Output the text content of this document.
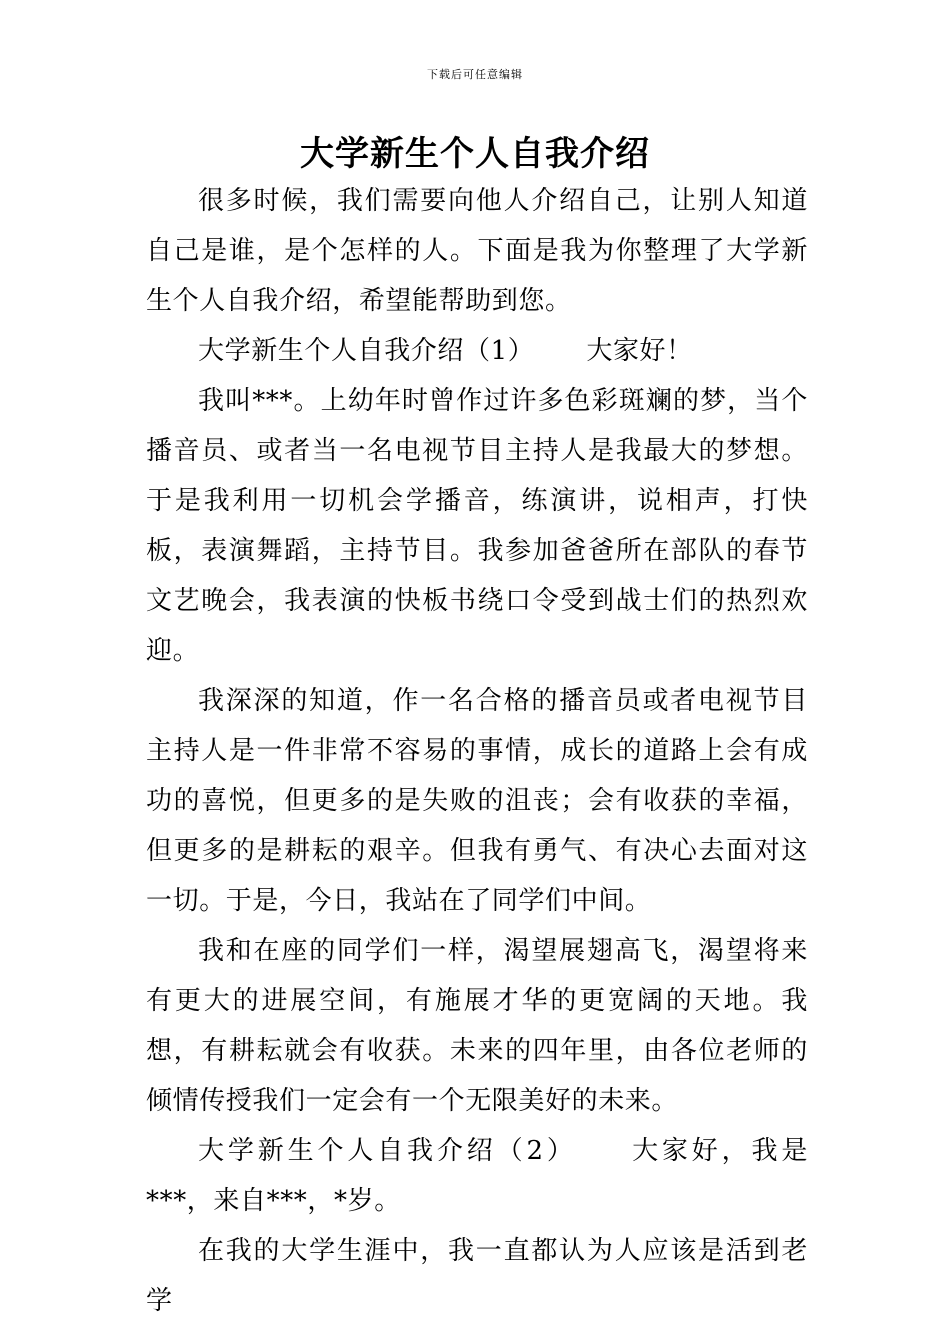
下载后可任意编辑
大学新生个人自我介绍

很多时候，我们需要向他人介绍自己，让别人知道自己是谁，是个怎样的人。下面是我为你整理了大学新生个人自我介绍，希望能帮助到您。

大学新生个人自我介绍（1） 大家好！

我叫***。上幼年时曾作过许多色彩斑斓的梦，当个播音员、或者当一名电视节目主持人是我最大的梦想。于是我利用一切机会学播音，练演讲，说相声，打快板，表演舞蹈，主持节目。我参加爸爸所在部队的春节文艺晚会，我表演的快板书绕口令受到战士们的热烈欢迎。

我深深的知道，作一名合格的播音员或者电视节目主持人是一件非常不容易的事情，成长的道路上会有成功的喜悦，但更多的是失败的沮丧；会有收获的幸福，但更多的是耕耘的艰辛。但我有勇气、有决心去面对这一切。于是，今日，我站在了同学们中间。

我和在座的同学们一样，渴望展翅高飞，渴望将来有更大的进展空间，有施展才华的更宽阔的天地。我想，有耕耘就会有收获。未来的四年里，由各位老师的倾情传授我们一定会有一个无限美好的未来。

大学新生个人自我介绍（2） 大家好，我是***，来自***，*岁。

在我的大学生涯中，我一直都认为人应该是活到老学
